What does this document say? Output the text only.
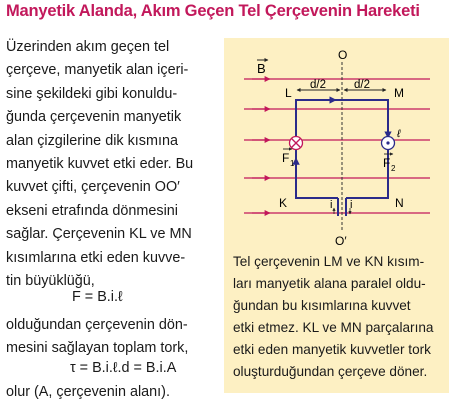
Manyetik Alanda, Akım Geçen Tel Çerçevenin Hareketi

Üzerinden akım geçen tel

çerçeve, manyetik alan içeri-

sine şekildeki gibi konuldu-

ğunda çerçevenin manyetik

alan çizgilerine dik kısmına

manyetik kuvvet etki eder. Bu

kuvvet çifti, çerçevenin OO′

ekseni etrafında dönmesini

sağlar. Çerçevenin KL ve MN

kısımlarına etki eden kuvve-

tin büyüklüğü,

F = B.i.ℓ

olduğundan çerçevenin dön-

mesini sağlayan toplam tork,

τ = B.i.ℓ.d = B.i.A
olur (A, çerçevenin alanı).
B
O
O′
d/2 d/2
L	M
K	N
F 1	F 2
ℓ
i i
Tel çerçevenin LM ve KN kısım-
ları manyetik alana paralel oldu-
ğundan bu kısımlarına kuvvet
etki etmez. KL ve MN parçalarına
etki eden manyetik kuvvetler tork
oluşturduğundan çerçeve döner.
